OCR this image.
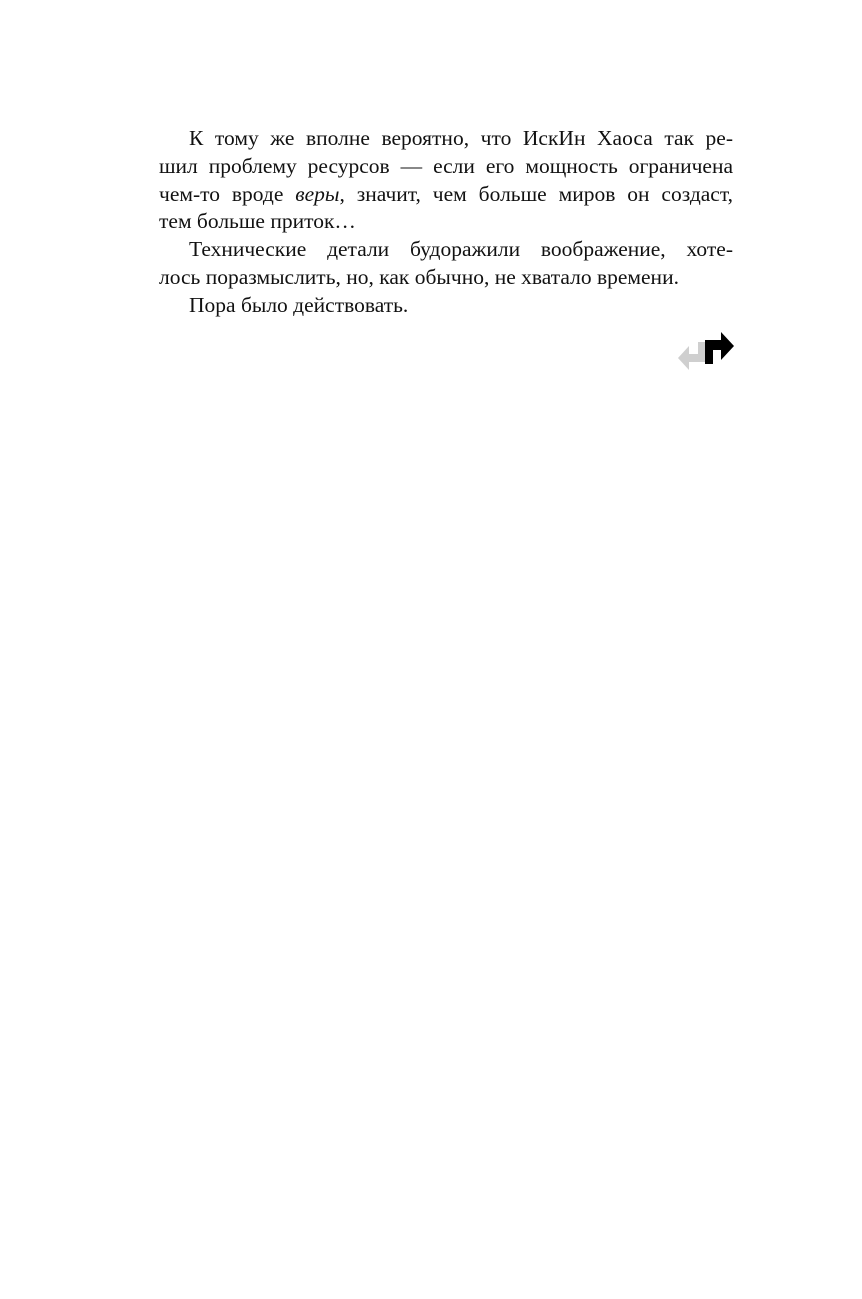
К тому же вполне вероятно, что ИскИн Хаоса так ре-
шил проблему ресурсов — если его мощность ограничена
чем-то вроде веры, значит, чем больше миров он создаст,
тем больше приток…
Технические детали будоражили воображение, хоте-
лось поразмыслить, но, как обычно, не хватало времени.
Пора было действовать.
